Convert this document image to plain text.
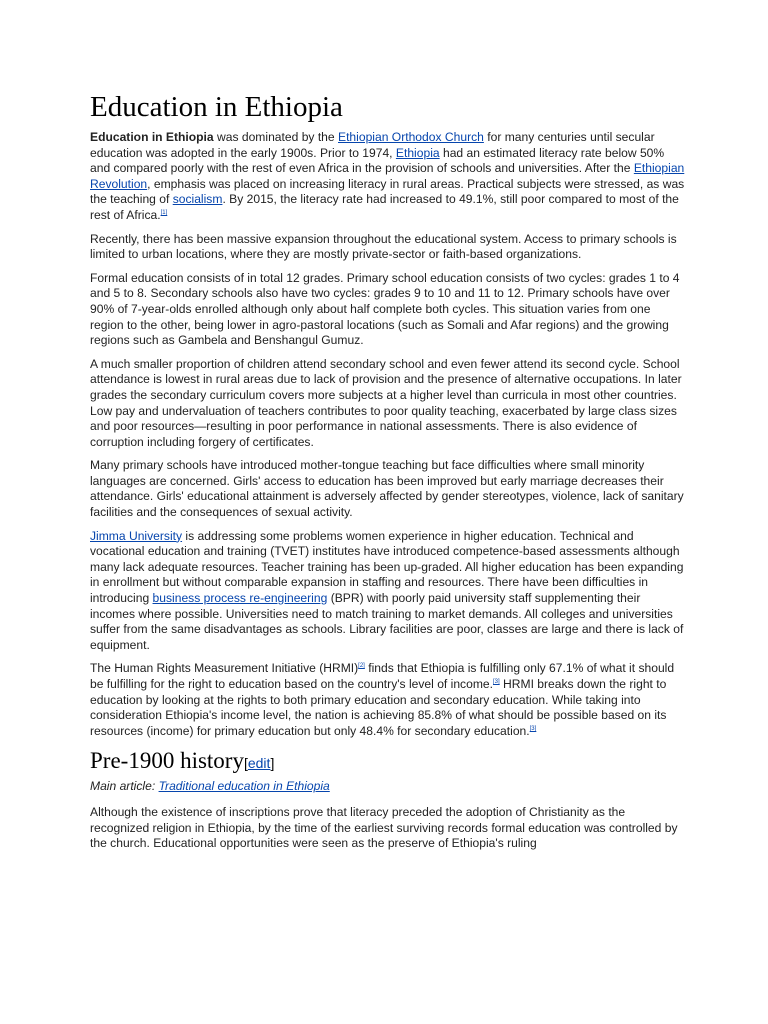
Education in Ethiopia

Education in Ethiopia was dominated by the Ethiopian Orthodox Church for many centuries until secular education was adopted in the early 1900s. Prior to 1974, Ethiopia had an estimated literacy rate below 50% and compared poorly with the rest of even Africa in the provision of schools and universities. After the Ethiopian Revolution, emphasis was placed on increasing literacy in rural areas. Practical subjects were stressed, as was the teaching of socialism. By 2015, the literacy rate had increased to 49.1%, still poor compared to most of the rest of Africa.[1]

Recently, there has been massive expansion throughout the educational system. Access to primary schools is limited to urban locations, where they are mostly private-sector or faith-based organizations.

Formal education consists of in total 12 grades. Primary school education consists of two cycles: grades 1 to 4 and 5 to 8. Secondary schools also have two cycles: grades 9 to 10 and 11 to 12. Primary schools have over 90% of 7-year-olds enrolled although only about half complete both cycles. This situation varies from one region to the other, being lower in agro-pastoral locations (such as Somali and Afar regions) and the growing regions such as Gambela and Benshangul Gumuz.

A much smaller proportion of children attend secondary school and even fewer attend its second cycle. School attendance is lowest in rural areas due to lack of provision and the presence of alternative occupations. In later grades the secondary curriculum covers more subjects at a higher level than curricula in most other countries. Low pay and undervaluation of teachers contributes to poor quality teaching, exacerbated by large class sizes and poor resources—resulting in poor performance in national assessments. There is also evidence of corruption including forgery of certificates.

Many primary schools have introduced mother-tongue teaching but face difficulties where small minority languages are concerned. Girls' access to education has been improved but early marriage decreases their attendance. Girls' educational attainment is adversely affected by gender stereotypes, violence, lack of sanitary facilities and the consequences of sexual activity.

Jimma University is addressing some problems women experience in higher education. Technical and vocational education and training (TVET) institutes have introduced competence-based assessments although many lack adequate resources. Teacher training has been up-graded. All higher education has been expanding in enrollment but without comparable expansion in staffing and resources. There have been difficulties in introducing business process re-engineering (BPR) with poorly paid university staff supplementing their incomes where possible. Universities need to match training to market demands. All colleges and universities suffer from the same disadvantages as schools. Library facilities are poor, classes are large and there is lack of equipment.

The Human Rights Measurement Initiative (HRMI)[2] finds that Ethiopia is fulfilling only 67.1% of what it should be fulfilling for the right to education based on the country's level of income.[3] HRMI breaks down the right to education by looking at the rights to both primary education and secondary education. While taking into consideration Ethiopia's income level, the nation is achieving 85.8% of what should be possible based on its resources (income) for primary education but only 48.4% for secondary education.[3]

Pre-1900 history[edit]

Main article: Traditional education in Ethiopia

Although the existence of inscriptions prove that literacy preceded the adoption of Christianity as the recognized religion in Ethiopia, by the time of the earliest surviving records formal education was controlled by the church. Educational opportunities were seen as the preserve of Ethiopia's ruling
